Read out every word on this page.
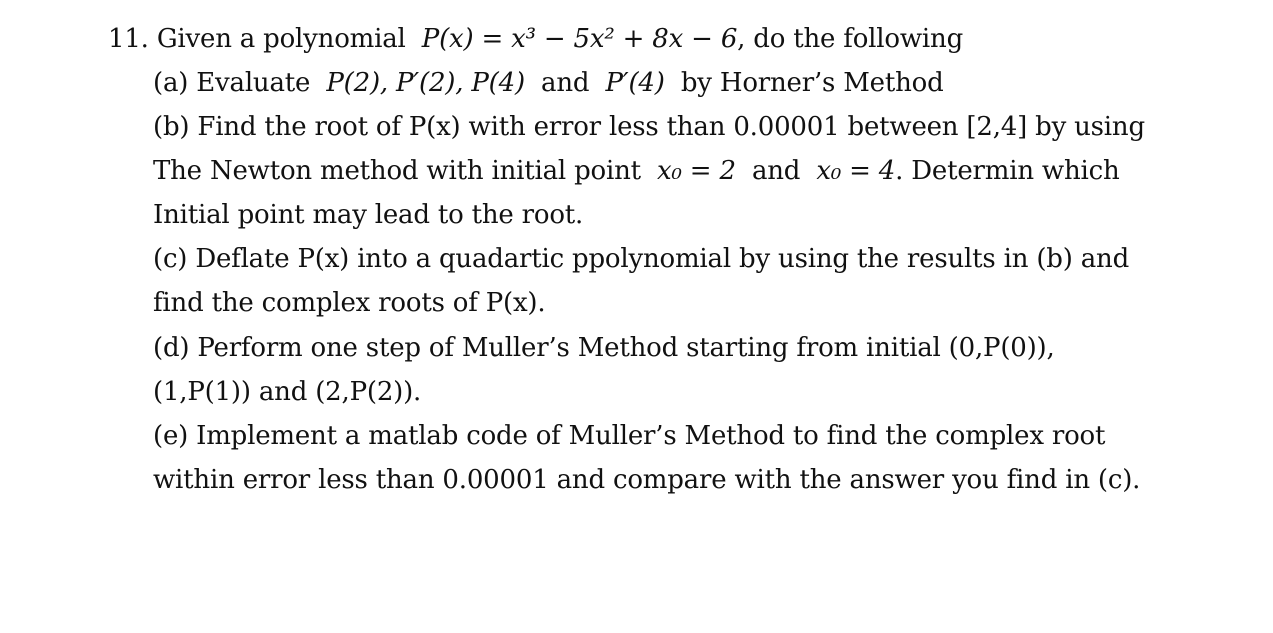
11. Given a polynomial P(x) = x³ − 5x² + 8x − 6, do the following
(a) Evaluate P(2), P′(2), P(4) and P′(4) by Horner’s Method
(b) Find the root of P(x) with error less than 0.00001 between [2,4] by using
The Newton method with initial point x₀ = 2 and x₀ = 4. Determin which
Initial point may lead to the root.
(c) Deflate P(x) into a quadartic ppolynomial by using the results in (b) and
find the complex roots of P(x).
(d) Perform one step of Muller’s Method starting from initial (0,P(0)),
(1,P(1)) and (2,P(2)).
(e) Implement a matlab code of Muller’s Method to find the complex root
within error less than 0.00001 and compare with the answer you find in (c).
